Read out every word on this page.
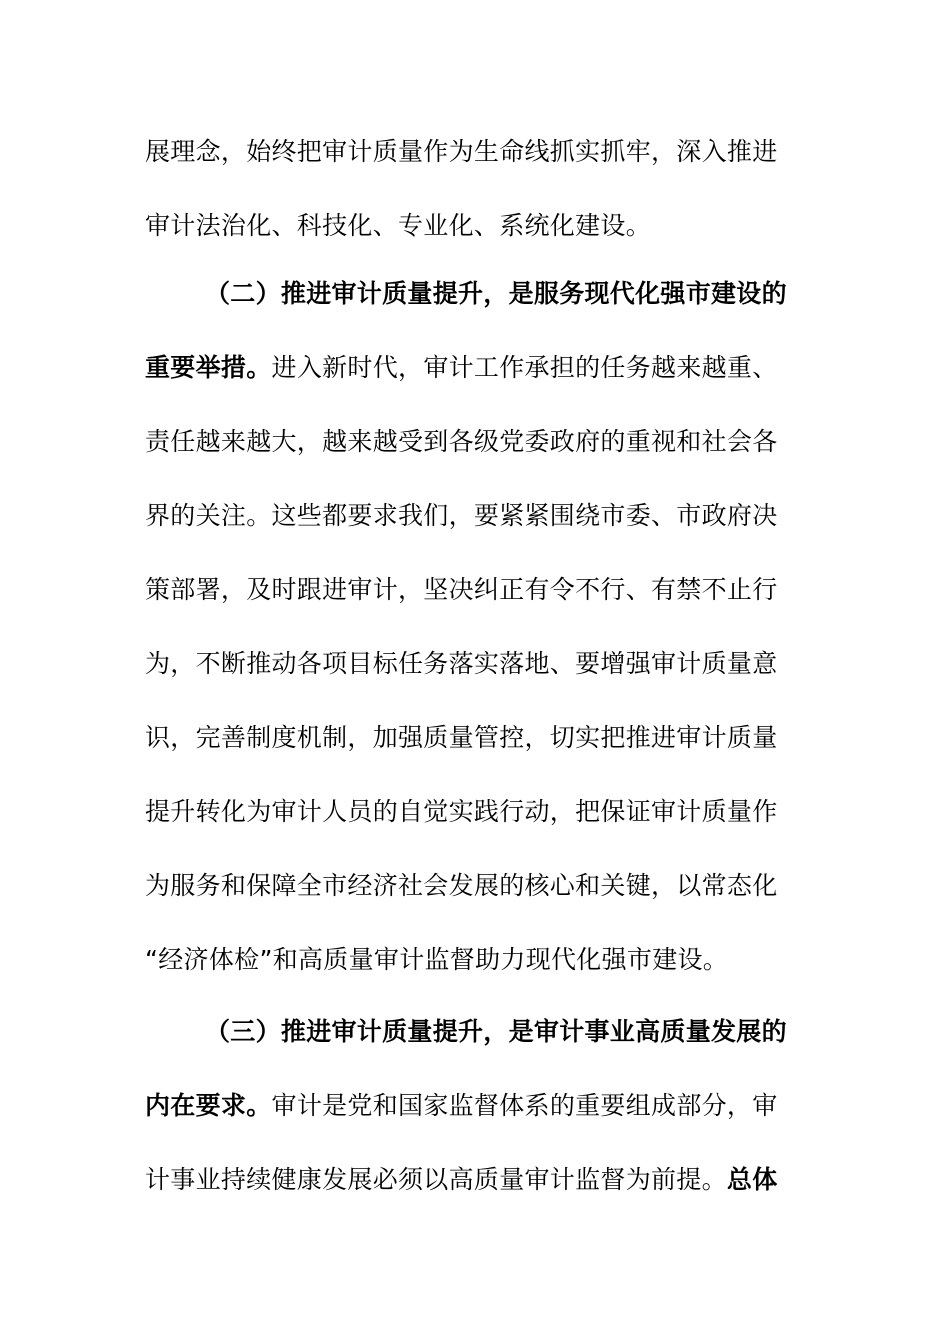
展理念，始终把审计质量作为生命线抓实抓牢，深入推进
审计法治化、科技化、专业化、系统化建设。
（二）推进审计质量提升，是服务现代化强市建设的
重要举措。进入新时代，审计工作承担的任务越来越重、
责任越来越大，越来越受到各级党委政府的重视和社会各
界的关注。这些都要求我们，要紧紧围绕市委、市政府决
策部署，及时跟进审计，坚决纠正有令不行、有禁不止行
为，不断推动各项目标任务落实落地、要增强审计质量意
识，完善制度机制，加强质量管控，切实把推进审计质量
提升转化为审计人员的自觉实践行动，把保证审计质量作
为服务和保障全市经济社会发展的核心和关键，以常态化
“经济体检”和高质量审计监督助力现代化强市建设。
（三）推进审计质量提升，是审计事业高质量发展的
内在要求。审计是党和国家监督体系的重要组成部分，审
计事业持续健康发展必须以高质量审计监督为前提。总体
